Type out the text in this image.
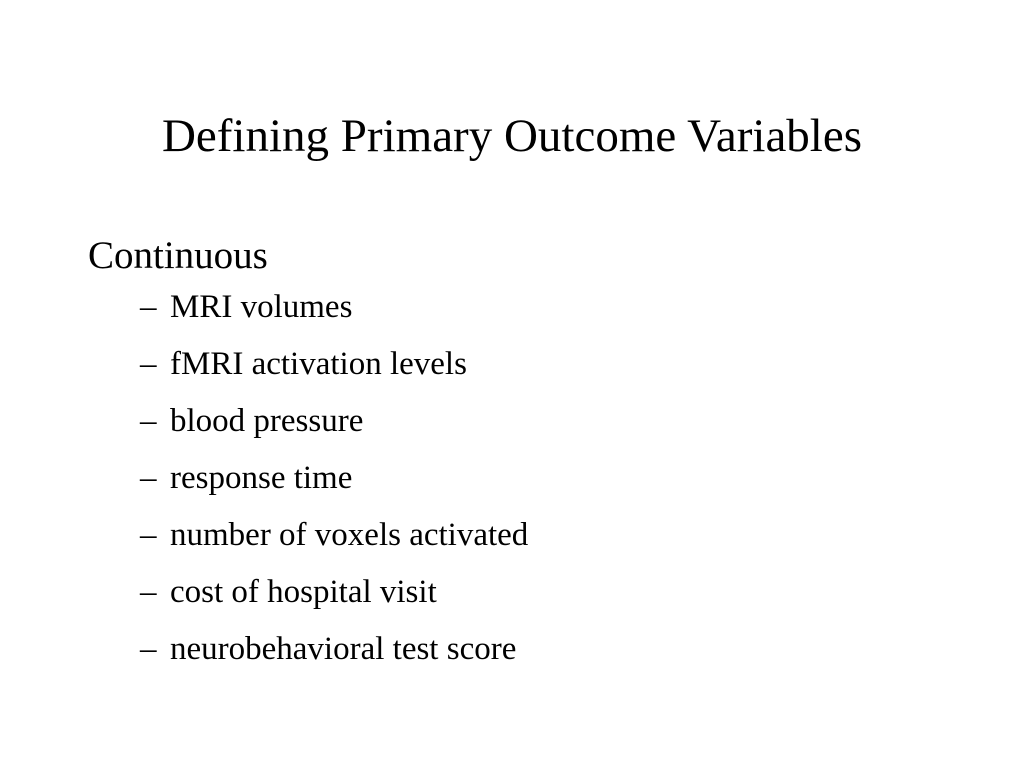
Defining Primary Outcome Variables

Continuous

– MRI volumes
– fMRI activation levels
– blood pressure
– response time
– number of voxels activated
– cost of hospital visit
– neurobehavioral test score
